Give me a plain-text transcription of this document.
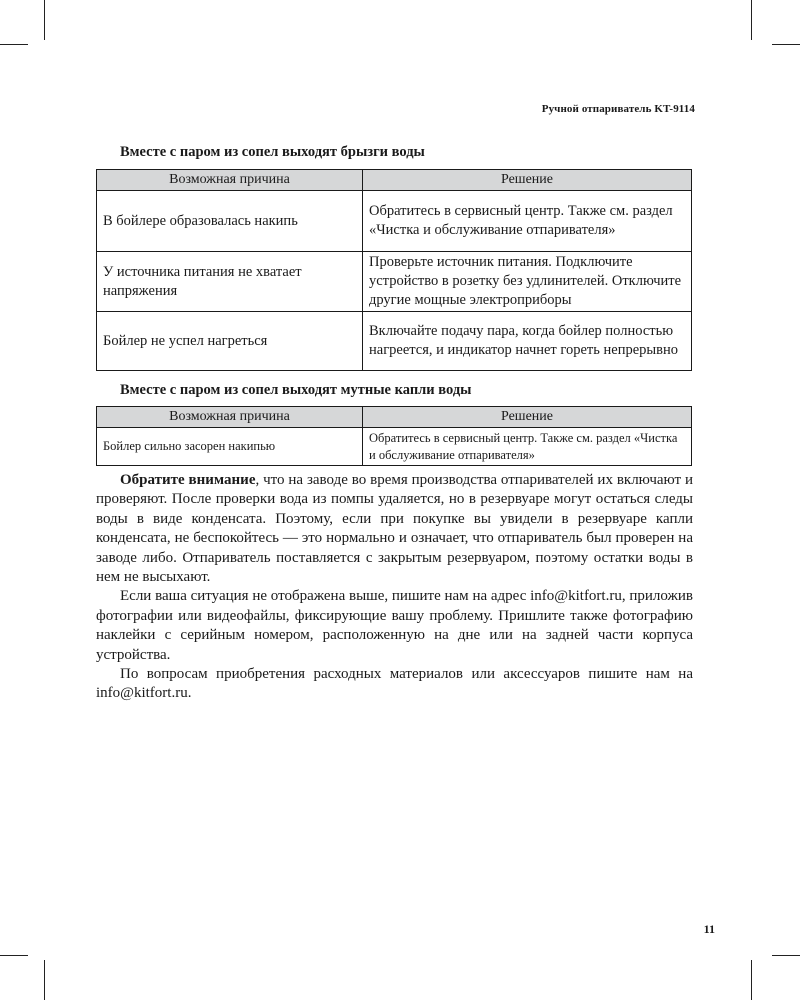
Ручной отпариватель KT-9114
Вместе с паром из сопел выходят брызги воды
Возможная причина	Решение
В бойлере образовалась накипь	Обратитесь в сервисный центр. Также см. раздел «Чистка и обслуживание отпаривателя»
У источника питания не хватает напряжения	Проверьте источник питания. Подключите устройство в розетку без удлинителей. Отключите другие мощные электроприборы
Бойлер не успел нагреться	Включайте подачу пара, когда бойлер полностью нагреется, и индикатор начнет гореть непрерывно
Вместе с паром из сопел выходят мутные капли воды
Возможная причина	Решение
Бойлер сильно засорен накипью	Обратитесь в сервисный центр. Также см. раздел «Чистка и обслуживание отпаривателя»

Обратите внимание, что на заводе во время производства отпаривателей их включают и проверяют. После проверки вода из помпы удаляется, но в резервуаре могут остаться следы воды в виде конденсата. Поэтому, если при покупке вы увидели в резервуаре капли конденсата, не беспокойтесь — это нормально и означает, что отпариватель был проверен на заводе либо. Отпариватель поставляется с закрытым резервуаром, поэтому остатки воды в нем не высыхают.

Если ваша ситуация не отображена выше, пишите нам на адрес info@kitfort.ru, приложив фотографии или видеофайлы, фиксирующие вашу проблему. Пришлите также фотографию наклейки с серийным номером, расположенную на дне или на задней части корпуса устройства.

По вопросам приобретения расходных материалов или аксессуаров пишите нам на info@kitfort.ru.

11
